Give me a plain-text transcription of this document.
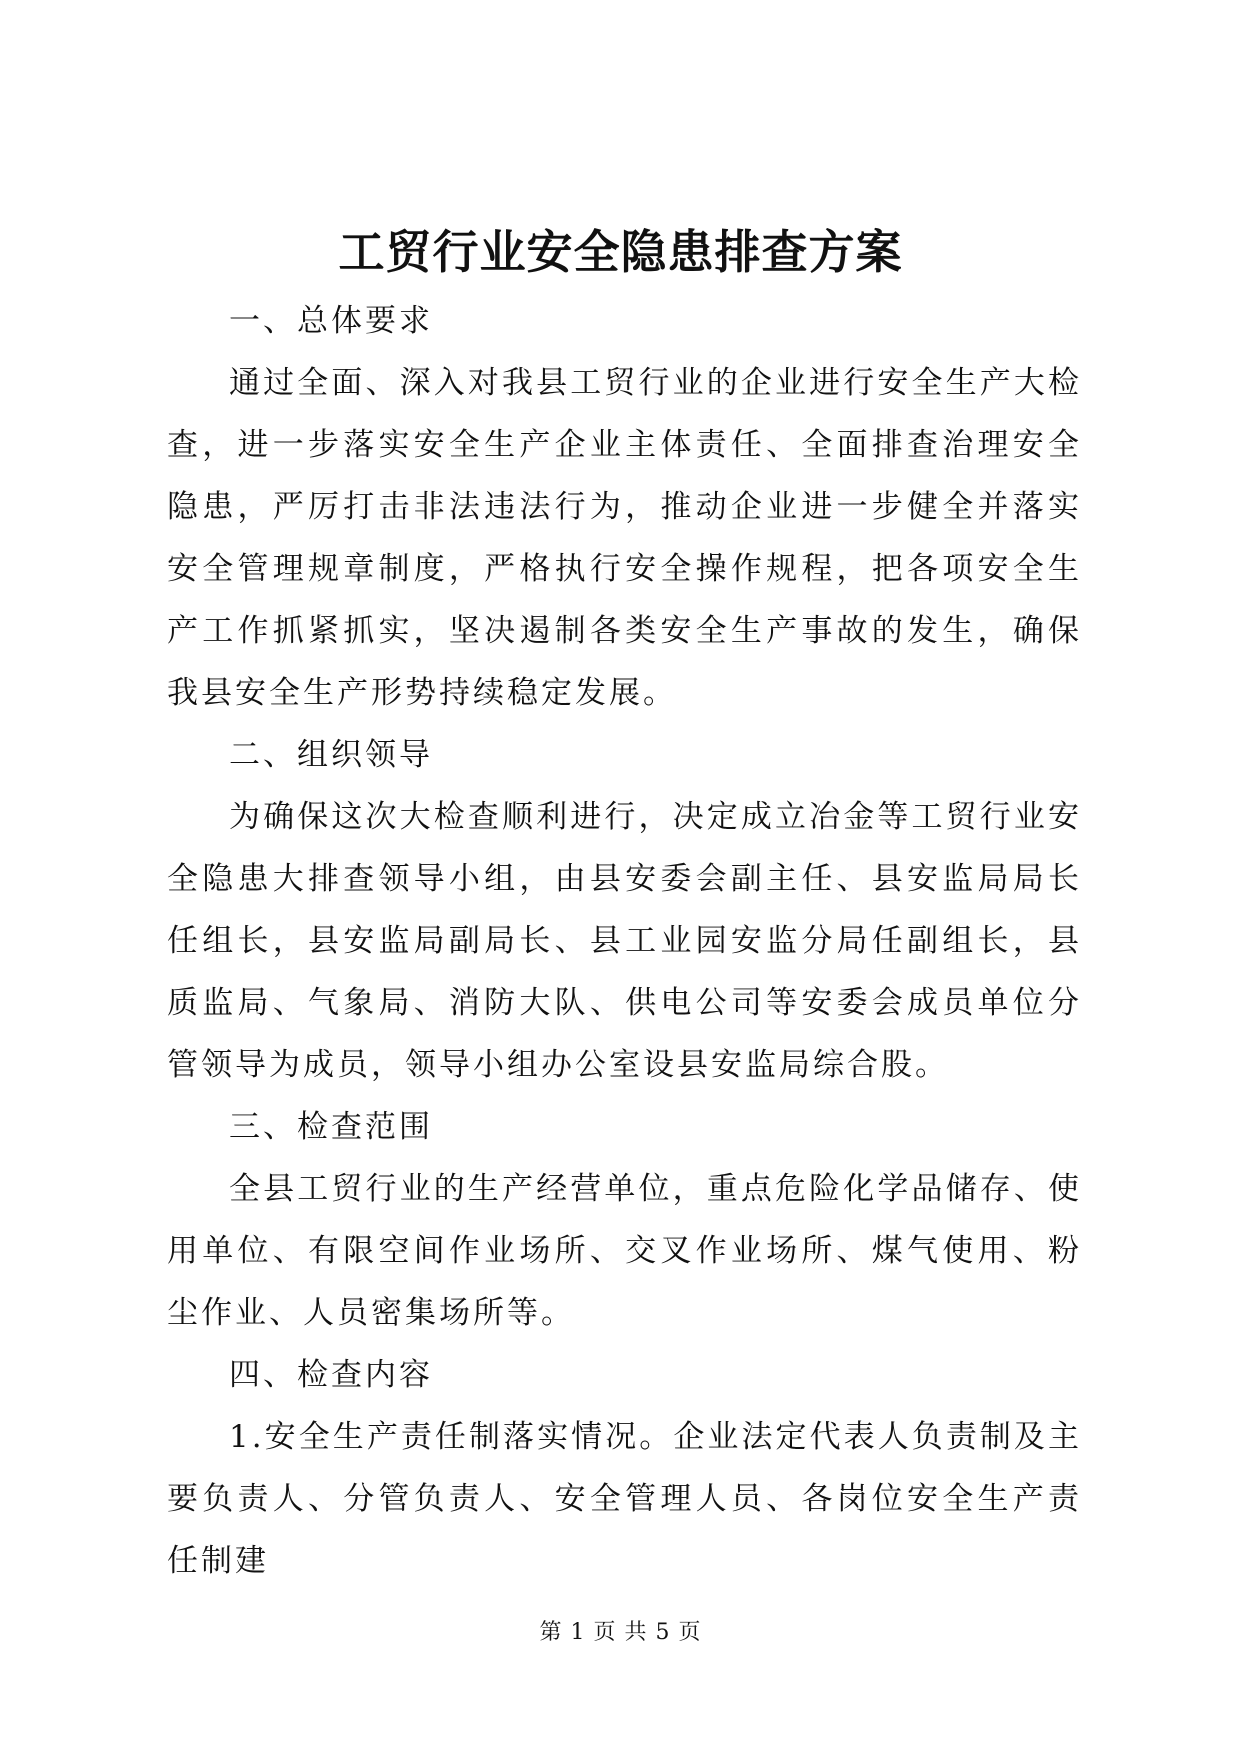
工贸行业安全隐患排查方案

一、总体要求

通过全面、深入对我县工贸行业的企业进行安全生产大检查，进一步落实安全生产企业主体责任、全面排查治理安全隐患，严厉打击非法违法行为，推动企业进一步健全并落实安全管理规章制度，严格执行安全操作规程，把各项安全生产工作抓紧抓实，坚决遏制各类安全生产事故的发生，确保我县安全生产形势持续稳定发展。

二、组织领导

为确保这次大检查顺利进行，决定成立冶金等工贸行业安全隐患大排查领导小组，由县安委会副主任、县安监局局长任组长，县安监局副局长、县工业园安监分局任副组长，县质监局、气象局、消防大队、供电公司等安委会成员单位分管领导为成员，领导小组办公室设县安监局综合股。

三、检查范围

全县工贸行业的生产经营单位，重点危险化学品储存、使用单位、有限空间作业场所、交叉作业场所、煤气使用、粉尘作业、人员密集场所等。

四、检查内容

1.安全生产责任制落实情况。企业法定代表人负责制及主要负责人、分管负责人、安全管理人员、各岗位安全生产责任制建

第 1 页 共 5 页
